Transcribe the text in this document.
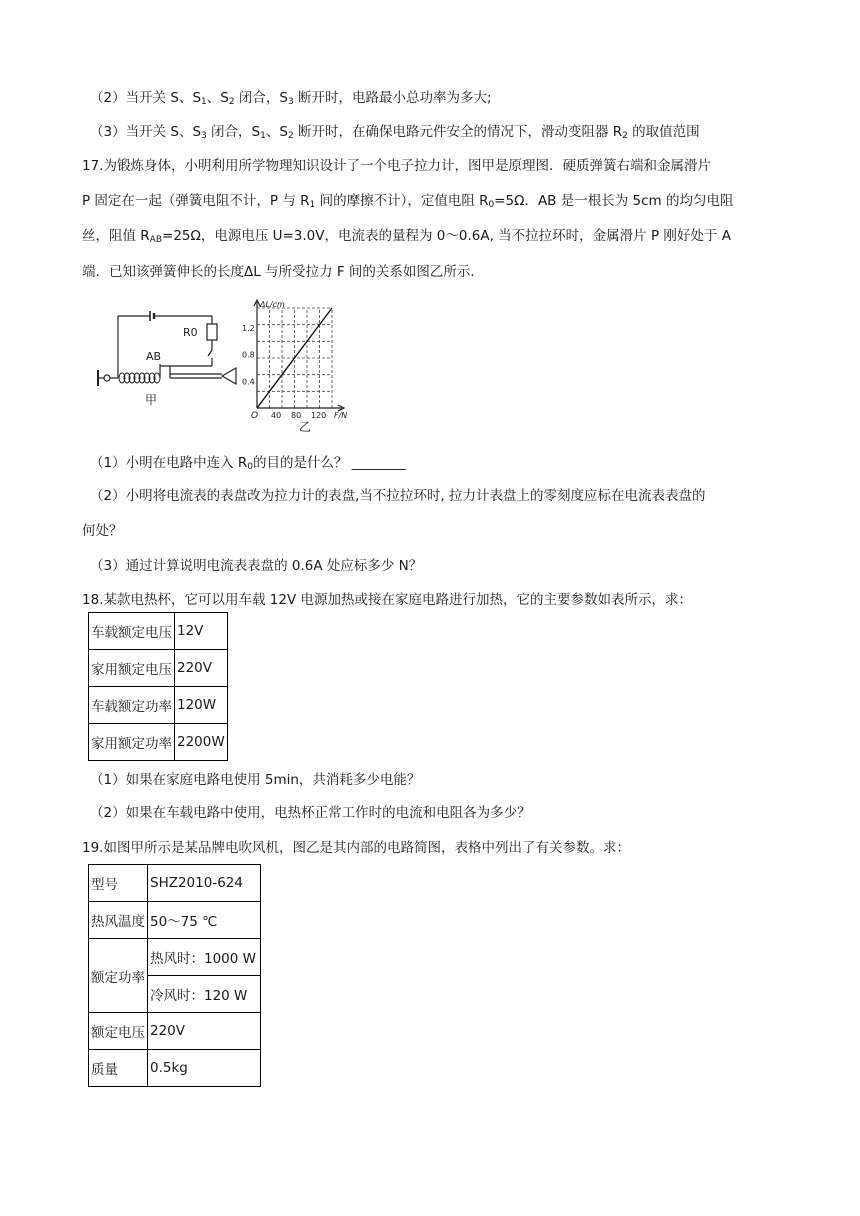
（2）当开关 S、$S_1$、$S_2$ 闭合，$S_3$ 断开时，电路最小总功率为多大;
（3）当开关 S、$S_3$ 闭合，$S_1$、$S_2$ 断开时，在确保电路元件安全的情况下，滑动变阻器 $R_2$ 的取值范围
17.为锻炼身体，小明利用所学物理知识设计了一个电子拉力计，图甲是原理图．硬质弹簧右端和金属滑片
P 固定在一起（弹簧电阻不计，P 与 $R_1$ 间的摩擦不计），定值电阻 $R_0=5\Omega$．AB 是一根长为 5cm 的均匀电阻
丝，阻值 $R_{AB}=25\Omega$，电源电压 U=3.0V，电流表的量程为 0～0.6A, 当不拉拉环时，金属滑片 P 刚好处于 A
端．已知该弹簧伸长的长度ΔL 与所受拉力 F 间的关系如图乙所示．
R0
AB
甲
1.2
0.8
0.4
40 80 120
ΔL/cm
F/N
O
乙
（1）小明在电路中连入 $R_0$的目的是什么？ ________
（2）小明将电流表的表盘改为拉力计的表盘,当不拉拉环时, 拉力计表盘上的零刻度应标在电流表表盘的
何处？
（3）通过计算说明电流表表盘的 0.6A 处应标多少 N？
18.某款电热杯，它可以用车载 12V 电源加热或接在家庭电路进行加热，它的主要参数如表所示，求：
车载额定电压	12V
家用额定电压	220V
车载额定功率	120W
家用额定功率	2200W
（1）如果在家庭电路电使用 5min，共消耗多少电能？
（2）如果在车载电路中使用，电热杯正常工作时的电流和电阻各为多少？
19.如图甲所示是某品牌电吹风机，图乙是其内部的电路简图，表格中列出了有关参数。求：
型号	SHZ2010-624
热风温度	50～75 ℃
额定功率	热风时：1000 W
	冷风时：120 W
额定电压	220V
质量	0.5kg
